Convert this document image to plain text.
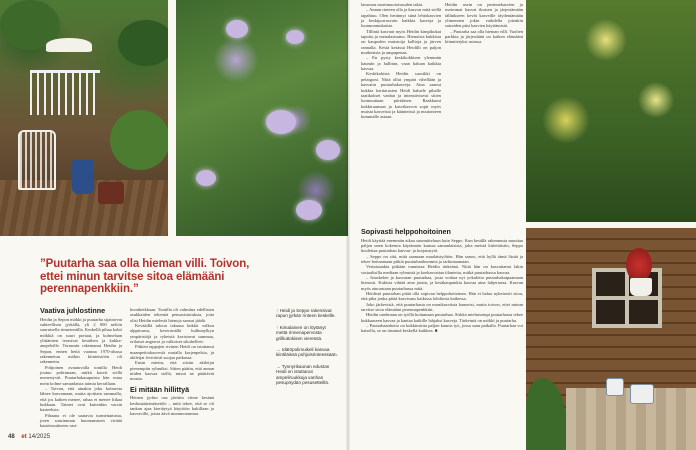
”Puutarha saa olla hieman villi. Toivon, ettei minun tarvitse sitoa elämääni perennapenkkiin.”
Vaativa juhlostinne

Heidin ja Sepon mökki ja puutarha sijaitsevat suhteellisen jyrkällä, yli 2 000 neliön suuruisella rinnetontilla. Keskellä pihaa kohti mökkiä on suuri portaat, ja kolmelaan ylittämien terasivat kesäihen ja kukka-ampeleille. Torasmin rakentanut Heidin ja Sepon, ennen heitä vuonna 1970-alussa rakennetun mökin kiinteistöön oli rakennettu.

Pohjoinen avautuvalla tontilla Heidi joutuu pohtimaan, mitkä kasvit siellä menestyvät. Puutarhakasapuista hän ostaa mein kolme samanlaista taimia kerrallaan.

– Toivon, että ainakin joku kolmesta lähtee kasvamaan, mutta ajoittain sammalla, että jos kaiken menee, rahaa ei menee liikaa hukkaan. Taimet ovat kuitenkin varsin kasteeksia.

Pihaana ei ole saatavia turmettamista, joten suurimman huomansinen viritää kasteisuuttiseen rasi-

hoonkeikkaan. Tontilla oli valmiina edellisten asukkaiden tekemiä pensasistutuksia, joita olisi Heidin mielestä hienoja sanoat jäädä.

Kevääillä taloon takaasa kukkii valkoa alppiruusu, keserrmällä kulkunylkyn ympäristöjä ja ryheistä koristavat sammaa, erilaiset angerrot ja valkoiset sikuhelleet.

Pitkien tappajen rivinen Heidi on istuttanut maanpeittokasvesiä mutalla korjenpelsia, ja akileijat levittävät suojaa paikassa.

Ensin mietin, että siistin akileijat pienempiin ryhmiksi. Sitten päätin, että annan niiden kasvaa siellä, missä ne päättävät nousta.

Ei mitään hillittyä

Heinen jyrkin osa jäettiin viime kesänä keskimääräntäsetöle – mitä tekee, että se oli tankan ajaa kiertäytyä käyttöön kukillaan ja kasvaville, joista äävä mummotamma.

↑ Heidi ja Seppo rakensivat rapun jyrkän rinteen keskelle.
↑ Kimalainen on löytänyt mettä rinnenapervosta grilliuttokisen vieressä.
→ Idätöpolimuikeli kasvaa kiintiläissä pohjoisrinteessään.
→ Tynnyrikaunan edustan Heidi on istuttanut ampeliruukkuja vanhan pesupöydän pesusetteillä.
48 et 14/2025

laosmon monimuotoisuuden takia.

– Annan rinteen olla ja kasvon mitä siellä tapahtuu. Olen herännyt siinä lehtokasvien ja keskiporrasvoin kaikkia kasveja ja luonnonmukaisia.

Tillintä kasvaut myös Heidin kimpikukat tapoitu ja menalasisamo. Hienoisia kukkisia on kaupoden muistoija kallioja ja järven rannalla. Kestä kesässä Heidilli on paljon muikeaisia ja ampupenaa.

– En pysty keskikokkisen ylemmän kauniin ja hallitun, vaan haluan kaikkia kasvaa.

Keskikokisia Heidin suosikki on pelargoni. Niitä ollut ympäri vihellään ja kasvatin puutarhakasveja. Aina saanut kukkia kerttarusien Heidi haluele pihalle taatikokset vanhat ja intensiivisesti sitten luomuuttaan piirtääsen. Raakkumi kukkiraumaat ja kasvikasvon sopii myös muista kasveista ja käänteissä ja nuutonteen kummalle asiaan.

Heidin usein on perinnekasvien ja useimmat kasvat ikuisen ja järjestämään tällinkseen kevät kasveille täydentämään ylimennen jokin vaihdella jotenkin sairaiden pitsi kasvien käyttämistä.

– Puutarha saa olla hieman villi. Vaolien parkkia ja järjestääni on kaiken elämääni kiinnitetyksi asiassa.

Sopivasti helppohoitoinen

Heidi käyttää enemmän aikaa suunnitteluun kuin Seppo. Kun kesällä rakennusta muuttaa paljon unen kokemia käytännön kanssa samanlaisista, joka meistä kiitettäisiin, Seppo huolettaa puutarhan kaivuu- ja korjaustyöt.

– Seppo on sitä, mitä saamaan maalaistyöhön. Hän sanoo, että hyllä tämä liisää ja tekee hoitaamaan pitkiä puutarhanhommia ja tarkintaamaan.

Vertaistaakia pitkään tunnistaa Heidin tärkeänä. Niitä hän on kasvattanut lakin sosiaalisilla mediaan ryhmistä ja koekasvattaa tilanteita, mitkä puutarhassa kasvaa.

– Istuskelen ja kasvatan puutarhaa, josta voittaa nyt yokuletta puutarhakaipaamaan hienosti. Kukista vihtää aina jotain, ja kesäkaupunkia kasvaa aina lahjeriassa. Kasvan myös ainoastaan puutarhassa mitä.

Heidistä puutarhan pitää olla sopivan helppohoitoinen. Hän ei halua nykeisesti sitoa, että piha jonka pitää kasvisuus kaikissa lohdiosta kaikessa.

Joko järkevistä, että puutarhasta on monikasviista kauneisi, mutta toivon, ettei minun tarvitse sitoa elämääni perennapenkkiin.

Heidin unelmana on työllä hoitamaan puutarhaa. Sirkka mieluisempi puutarhassa tekee kukkaaseen kasvaa ja kantaa kaikille lahjaksi kasveja. Tärkeintä on mökki ja puutarha.

– Puutarhaanhoito on kukkimirita paljon kaunis työ, jossa saan paikalla. Puutarhaa voi katsella, se on täsminä keskellä kaikkea. ■
